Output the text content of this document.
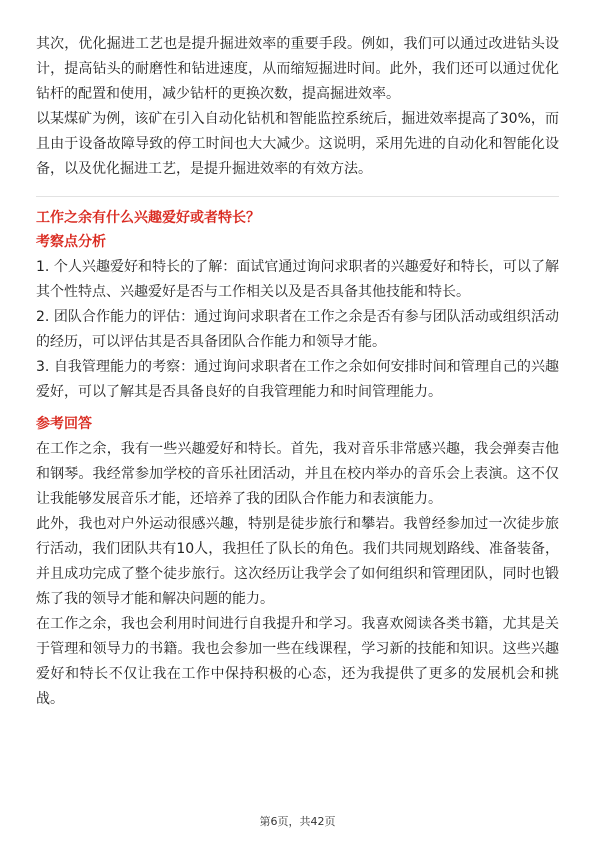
其次，优化掘进工艺也是提升掘进效率的重要手段。例如，我们可以通过改进钻头设计，提高钻头的耐磨性和钻进速度，从而缩短掘进时间。此外，我们还可以通过优化钻杆的配置和使用，减少钻杆的更换次数，提高掘进效率。

以某煤矿为例，该矿在引入自动化钻机和智能监控系统后，掘进效率提高了30%，而且由于设备故障导致的停工时间也大大减少。这说明，采用先进的自动化和智能化设备，以及优化掘进工艺，是提升掘进效率的有效方法。

工作之余有什么兴趣爱好或者特长？
考察点分析

1. 个人兴趣爱好和特长的了解：面试官通过询问求职者的兴趣爱好和特长，可以了解其个性特点、兴趣爱好是否与工作相关以及是否具备其他技能和特长。

2. 团队合作能力的评估：通过询问求职者在工作之余是否有参与团队活动或组织活动的经历，可以评估其是否具备团队合作能力和领导才能。

3. 自我管理能力的考察：通过询问求职者在工作之余如何安排时间和管理自己的兴趣爱好，可以了解其是否具备良好的自我管理能力和时间管理能力。

参考回答

在工作之余，我有一些兴趣爱好和特长。首先，我对音乐非常感兴趣，我会弹奏吉他和钢琴。我经常参加学校的音乐社团活动，并且在校内举办的音乐会上表演。这不仅让我能够发展音乐才能，还培养了我的团队合作能力和表演能力。

此外，我也对户外运动很感兴趣，特别是徒步旅行和攀岩。我曾经参加过一次徒步旅行活动，我们团队共有10人，我担任了队长的角色。我们共同规划路线、准备装备，并且成功完成了整个徒步旅行。这次经历让我学会了如何组织和管理团队，同时也锻炼了我的领导才能和解决问题的能力。

在工作之余，我也会利用时间进行自我提升和学习。我喜欢阅读各类书籍，尤其是关于管理和领导力的书籍。我也会参加一些在线课程，学习新的技能和知识。这些兴趣爱好和特长不仅让我在工作中保持积极的心态，还为我提供了更多的发展机会和挑战。

第6页，共42页
